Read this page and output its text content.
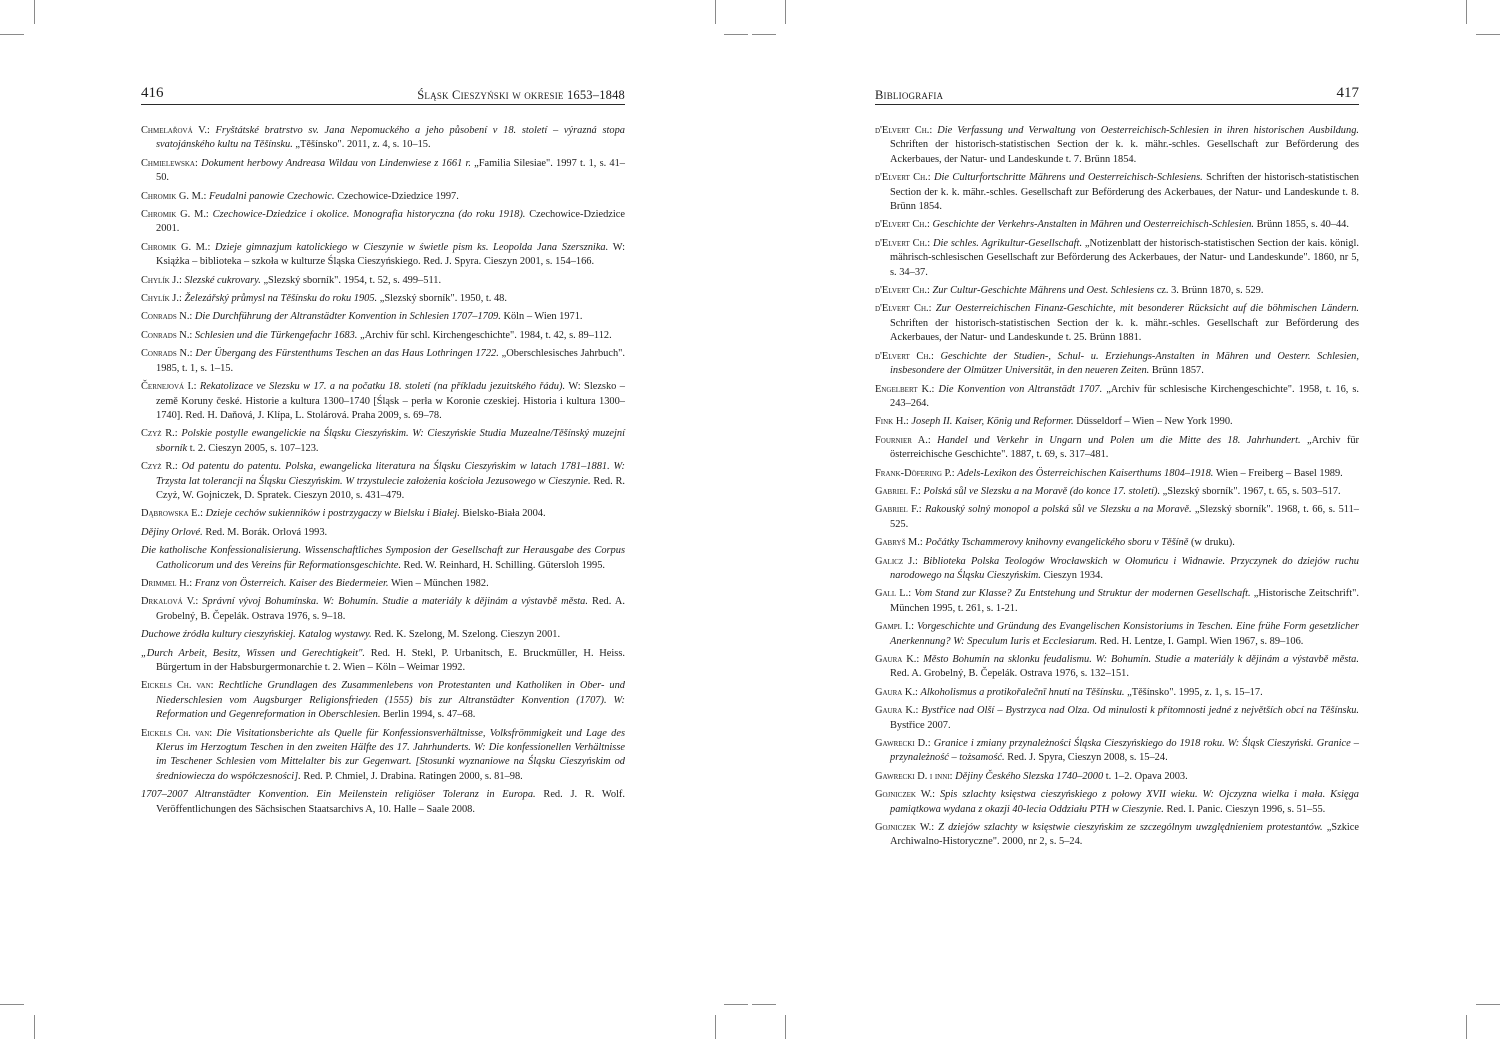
416	Śląsk Cieszyński w okresie 1653–1848
Chmelařová V.: Fryštátské bratrstvo sv. Jana Nepomuckého a jeho působení v 18. století – výrazná stopa svatojánského kultu na Těšínsku. „Těšínsko". 2011, z. 4, s. 10–15.
Chmielewska: Dokument herbowy Andreasa Wildau von Lindenwiese z 1661 r. „Familia Silesiae". 1997 t. 1, s. 41–50.
Chromik G. M.: Feudalni panowie Czechowic. Czechowice-Dziedzice 1997.
Chromik G. M.: Czechowice-Dziedzice i okolice. Monografia historyczna (do roku 1918). Czechowice-Dziedzice 2001.
Chromik G. M.: Dzieje gimnazjum katolickiego w Cieszynie w świetle pism ks. Leopolda Jana Szersznika. W: Książka – biblioteka – szkoła w kulturze Śląska Cieszyńskiego. Red. J. Spyra. Cieszyn 2001, s. 154–166.
Chylík J.: Slezské cukrovary. „Slezský sborník". 1954, t. 52, s. 499–511.
Chylík J.: Železářský průmysl na Těšínsku do roku 1905. „Slezský sborník". 1950, t. 48.
Conrads N.: Die Durchführung der Altranstädter Konvention in Schlesien 1707–1709. Köln – Wien 1971.
Conrads N.: Schlesien und die Türkengefachr 1683. „Archiv für schl. Kirchengeschichte". 1984, t. 42, s. 89–112.
Conrads N.: Der Übergang des Fürstenthums Teschen an das Haus Lothringen 1722. „Oberschlesisches Jahrbuch". 1985, t. 1, s. 1–15.
Černejová I.: Rekatolizace ve Slezsku w 17. a na počatku 18. století (na příkladu jezuitského řádu). W: Slezsko – země Koruny české. Historie a kultura 1300–1740 [Śląsk – perła w Koronie czeskiej. Historia i kultura 1300–1740]. Red. H. Daňová, J. Klípa, L. Stolárová. Praha 2009, s. 69–78.
Czyż R.: Polskie postylle ewangelickie na Śląsku Cieszyńskim. W: Cieszyńskie Studia Muzealne/Těšínský muzejní sborník t. 2. Cieszyn 2005, s. 107–123.
Czyż R.: Od patentu do patentu. Polska, ewangelicka literatura na Śląsku Cieszyńskim w latach 1781–1881. W: Trzysta lat tolerancji na Śląsku Cieszyńskim. W trzystulecie założenia kościoła Jezusowego w Cieszynie. Red. R. Czyż, W. Gojniczek, D. Spratek. Cieszyn 2010, s. 431–479.
Dąbrowska E.: Dzieje cechów sukienników i postrzygaczy w Bielsku i Białej. Bielsko-Biała 2004.
Dějiny Orlové. Red. M. Borák. Orlová 1993.
Die katholische Konfessionalisierung. Wissenschaftliches Symposion der Gesellschaft zur Herausgabe des Corpus Catholicorum und des Vereins für Reformationsgeschichte. Red. W. Reinhard, H. Schilling. Gütersloh 1995.
Drimmel H.: Franz von Österreich. Kaiser des Biedermeier. Wien – München 1982.
Drkalová V.: Správní vývoj Bohumínska. W: Bohumín. Studie a materiály k dějinám a výstavbě města. Red. A. Grobelný, B. Čepelák. Ostrava 1976, s. 9–18.
Duchowe źródła kultury cieszyńskiej. Katalog wystawy. Red. K. Szelong, M. Szelong. Cieszyn 2001.
„Durch Arbeit, Besitz, Wissen und Gerechtigkeit". Red. H. Stekl, P. Urbanitsch, E. Bruckmüller, H. Heiss. Bürgertum in der Habsburgermonarchie t. 2. Wien – Köln – Weimar 1992.
Eickels Ch. van: Rechtliche Grundlagen des Zusammenlebens von Protestanten und Katholiken in Ober- und Niederschlesien vom Augsburger Religionsfrieden (1555) bis zur Altranstädter Konvention (1707). W: Reformation und Gegenreformation in Oberschlesien. Berlin 1994, s. 47–68.
Eickels Ch. van: Die Visitationsberichte als Quelle für Konfessionsverhältnisse, Volksfrömmigkeit und Lage des Klerus im Herzogtum Teschen in den zweiten Hälfte des 17. Jahrhunderts. W: Die konfessionellen Verhältnisse im Teschener Schlesien vom Mittelalter bis zur Gegenwart. [Stosunki wyznaniowe na Śląsku Cieszyńskim od średniowiecza do współczesności]. Red. P. Chmiel, J. Drabina. Ratingen 2000, s. 81–98.
1707–2007 Altranstädter Konvention. Ein Meilenstein religiöser Toleranz in Europa. Red. J. R. Wolf. Veröffentlichungen des Sächsischen Staatsarchivs A, 10. Halle – Saale 2008.
Bibliografia	417
d'Elvert Ch.: Die Verfassung und Verwaltung von Oesterreichisch-Schlesien in ihren historischen Ausbildung. Schriften der historisch-statistischen Section der k. k. mähr.-schles. Gesellschaft zur Beförderung des Ackerbaues, der Natur- und Landeskunde t. 7. Brünn 1854.
d'Elvert Ch.: Die Culturfortschritte Mährens und Oesterreichisch-Schlesiens. Schriften der historisch-statistischen Section der k. k. mähr.-schles. Gesellschaft zur Beförderung des Ackerbaues, der Natur- und Landeskunde t. 8. Brünn 1854.
d'Elvert Ch.: Geschichte der Verkehrs-Anstalten in Mähren und Oesterreichisch-Schlesien. Brünn 1855, s. 40–44.
d'Elvert Ch.: Die schles. Agrikultur-Gesellschaft. „Notizenblatt der historisch-statistischen Section der kais. königl. mährisch-schlesischen Gesellschaft zur Beförderung des Ackerbaues, der Natur- und Landeskunde". 1860, nr 5, s. 34–37.
d'Elvert Ch.: Zur Cultur-Geschichte Mährens und Oest. Schlesiens cz. 3. Brünn 1870, s. 529.
d'Elvert Ch.: Zur Oesterreichischen Finanz-Geschichte, mit besonderer Rücksicht auf die böhmischen Ländern. Schriften der historisch-statistischen Section der k. k. mähr.-schles. Gesellschaft zur Beförderung des Ackerbaues, der Natur- und Landeskunde t. 25. Brünn 1881.
d'Elvert Ch.: Geschichte der Studien-, Schul- u. Erziehungs-Anstalten in Mähren und Oesterr. Schlesien, insbesondere der Olmützer Universität, in den neueren Zeiten. Brünn 1857.
Engelbert K.: Die Konvention von Altranstädt 1707. „Archiv für schlesische Kirchengeschichte". 1958, t. 16, s. 243–264.
Fink H.: Joseph II. Kaiser, König und Reformer. Düsseldorf – Wien – New York 1990.
Fournier A.: Handel und Verkehr in Ungarn und Polen um die Mitte des 18. Jahrhundert. „Archiv für österreichische Geschichte". 1887, t. 69, s. 317–481.
Frank-Döfering P.: Adels-Lexikon des Österreichischen Kaiserthums 1804–1918. Wien – Freiberg – Basel 1989.
Gabriel F.: Polská sůl ve Slezsku a na Moravě (do konce 17. století). „Slezský sborník". 1967, t. 65, s. 503–517.
Gabriel F.: Rakouský solný monopol a polská sůl ve Slezsku a na Moravě. „Slezský sborník". 1968, t. 66, s. 511–525.
Gabryš M.: Počátky Tschammerovy knihovny evangelického sboru v Těšíně (w druku).
Galicz J.: Biblioteka Polska Teologów Wrocławskich w Ołomuńcu i Widnawie. Przyczynek do dziejów ruchu narodowego na Śląsku Cieszyńskim. Cieszyn 1934.
Gall L.: Vom Stand zur Klasse? Zu Entstehung und Struktur der modernen Gesellschaft. „Historische Zeitschrift". München 1995, t. 261, s. 1-21.
Gampl I.: Vorgeschichte und Gründung des Evangelischen Konsistoriums in Teschen. Eine frühe Form gesetzlicher Anerkennung? W: Speculum Iuris et Ecclesiarum. Red. H. Lentze, I. Gampl. Wien 1967, s. 89–106.
Gaura K.: Město Bohumín na sklonku feudalismu. W: Bohumín. Studie a materiály k dějinám a výstavbě města. Red. A. Grobelný, B. Čepelák. Ostrava 1976, s. 132–151.
Gaura K.: Alkoholismus a protikořalečnī hnutí na Těšínsku. „Těšínsko". 1995, z. 1, s. 15–17.
Gaura K.: Bystřice nad Olší – Bystrzyca nad Olza. Od minulosti k přítomnosti jedné z největších obcí na Těšínsku. Bystřice 2007.
Gawrecki D.: Granice i zmiany przynależności Śląska Cieszyńskiego do 1918 roku. W: Śląsk Cieszyński. Granice – przynależność – tożsamość. Red. J. Spyra, Cieszyn 2008, s. 15–24.
Gawrecki D. i inni: Dějiny Českého Slezska 1740–2000 t. 1–2. Opava 2003.
Gojniczek W.: Spis szlachty księstwa cieszyńskiego z połowy XVII wieku. W: Ojczyzna wielka i mała. Księga pamiątkowa wydana z okazji 40-lecia Oddziału PTH w Cieszynie. Red. I. Panic. Cieszyn 1996, s. 51–55.
Gojniczek W.: Z dziejów szlachty w księstwie cieszyńskim ze szczególnym uwzględnieniem protestantów. „Szkice Archiwalno-Historyczne". 2000, nr 2, s. 5–24.
